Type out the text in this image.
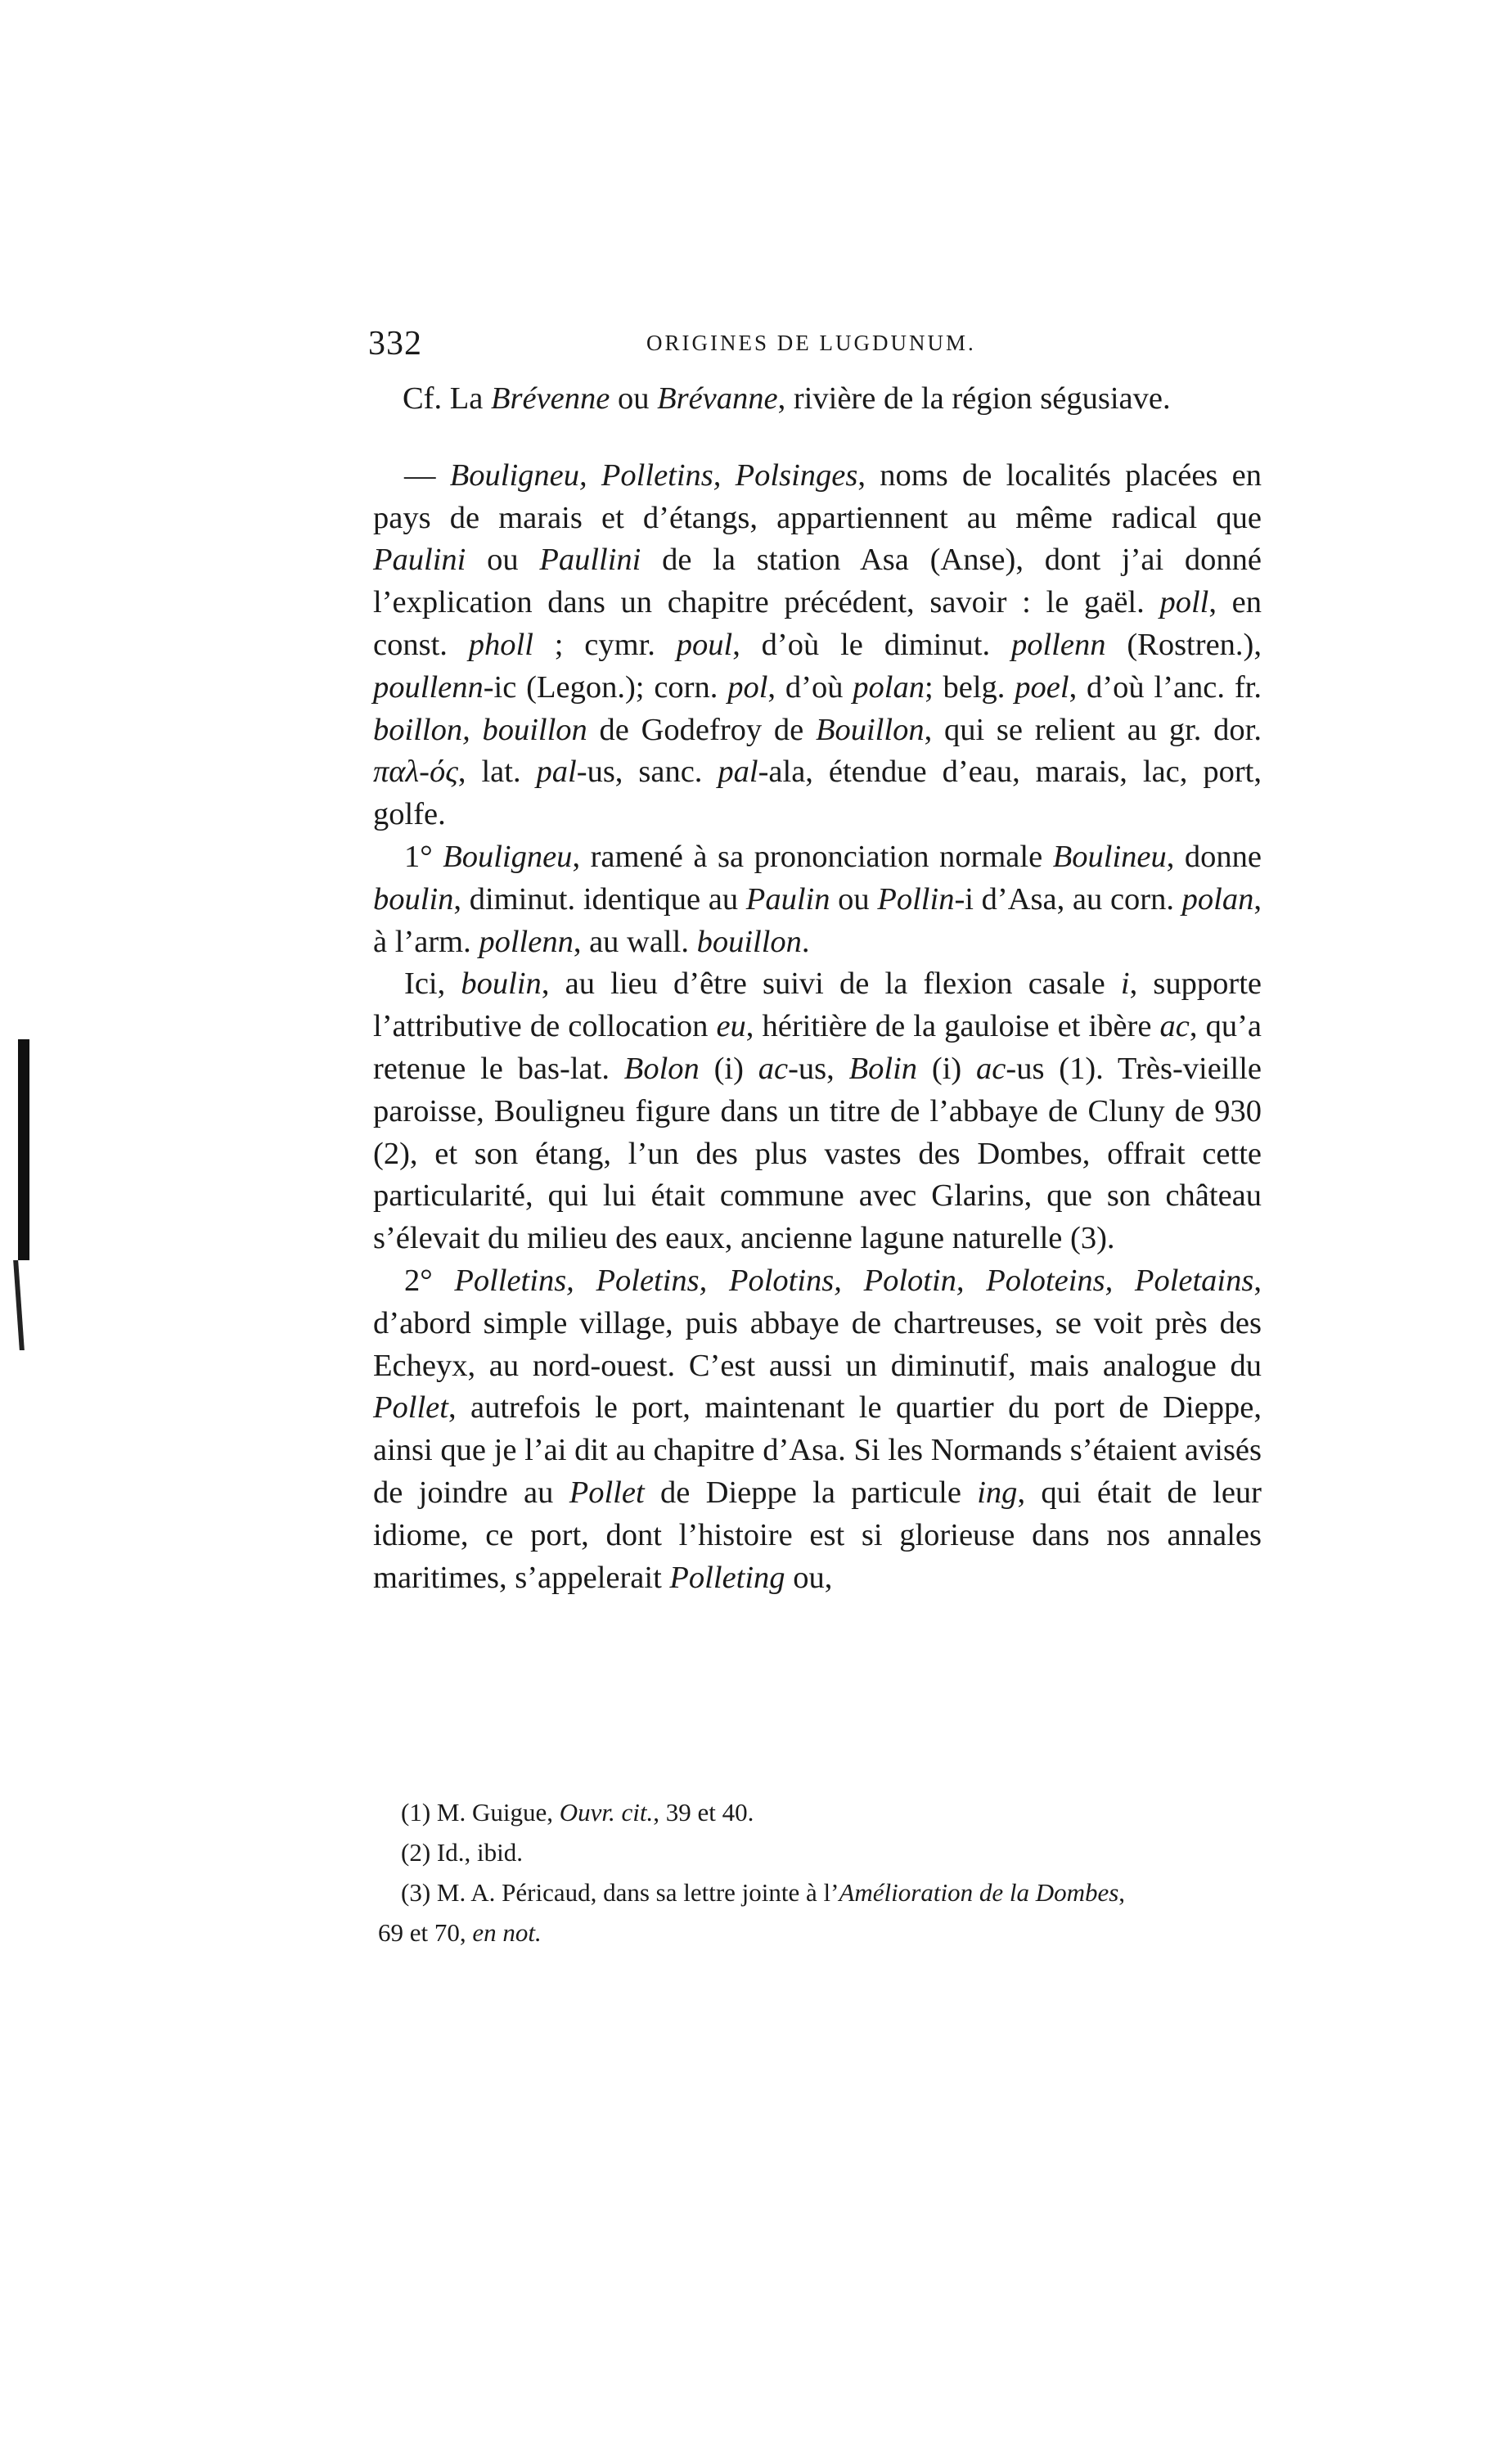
332	ORIGINES DE LUGDUNUM.

Cf. La Brévenne ou Brévanne, rivière de la région ségusiave.

— Bouligneu, Polletins, Polsinges, noms de localités placées en pays de marais et d’étangs, appartiennent au même radical que Paulini ou Paullini de la station Asa (Anse), dont j’ai donné l’explication dans un chapitre précédent, savoir : le gaël. poll, en const. pholl ; cymr. poul, d’où le diminut. pollenn (Rostren.), poullenn-ic (Legon.); corn. pol, d’où polan; belg. poel, d’où l’anc. fr. boillon, bouillon de Godefroy de Bouillon, qui se relient au gr. dor. παλ-ός, lat. pal-us, sanc. pal-ala, étendue d’eau, marais, lac, port, golfe.

1° Bouligneu, ramené à sa prononciation normale Boulineu, donne boulin, diminut. identique au Paulin ou Pollin-i d’Asa, au corn. polan, à l’arm. pollenn, au wall. bouillon.

Ici, boulin, au lieu d’être suivi de la flexion casale i, supporte l’attributive de collocation eu, héritière de la gauloise et ibère ac, qu’a retenue le bas-lat. Bolon (i) ac-us, Bolin (i) ac-us (1). Très-vieille paroisse, Bouligneu figure dans un titre de l’abbaye de Cluny de 930 (2), et son étang, l’un des plus vastes des Dombes, offrait cette particularité, qui lui était commune avec Glarins, que son château s’élevait du milieu des eaux, ancienne lagune naturelle (3).

2° Polletins, Poletins, Polotins, Polotin, Poloteins, Poletains, d’abord simple village, puis abbaye de chartreuses, se voit près des Echeyx, au nord-ouest. C’est aussi un diminutif, mais analogue du Pollet, autrefois le port, maintenant le quartier du port de Dieppe, ainsi que je l’ai dit au chapitre d’Asa. Si les Normands s’étaient avisés de joindre au Pollet de Dieppe la particule ing, qui était de leur idiome, ce port, dont l’histoire est si glorieuse dans nos annales maritimes, s’appelerait Polleting ou,

(1) M. Guigue, Ouvr. cit., 39 et 40.

(2) Id., ibid.

(3) M. A. Péricaud, dans sa lettre jointe à l’Amélioration de la Dombes,

69 et 70, en not.
